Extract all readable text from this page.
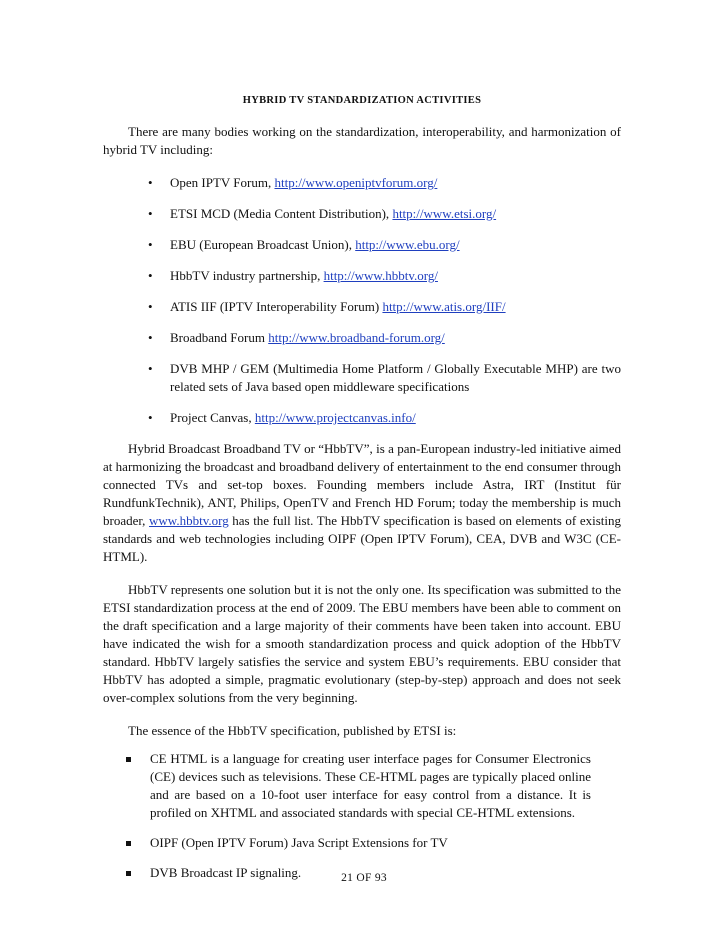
HYBRID TV STANDARDIZATION ACTIVITIES

There are many bodies working on the standardization, interoperability, and harmonization of hybrid TV including:

• Open IPTV Forum, http://www.openiptvforum.org/
• ETSI MCD (Media Content Distribution), http://www.etsi.org/
• EBU (European Broadcast Union), http://www.ebu.org/
• HbbTV industry partnership, http://www.hbbtv.org/
• ATIS IIF (IPTV Interoperability Forum) http://www.atis.org/IIF/
• Broadband Forum http://www.broadband-forum.org/
• DVB MHP / GEM (Multimedia Home Platform / Globally Executable MHP) are two related sets of Java based open middleware specifications
• Project Canvas, http://www.projectcanvas.info/

Hybrid Broadcast Broadband TV or “HbbTV”, is a pan-European industry-led initiative aimed at harmonizing the broadcast and broadband delivery of entertainment to the end consumer through connected TVs and set-top boxes. Founding members include Astra, IRT (Institut für RundfunkTechnik), ANT, Philips, OpenTV and French HD Forum; today the membership is much broader, www.hbbtv.org has the full list. The HbbTV specification is based on elements of existing standards and web technologies including OIPF (Open IPTV Forum), CEA, DVB and W3C (CE-HTML).

HbbTV represents one solution but it is not the only one. Its specification was submitted to the ETSI standardization process at the end of 2009. The EBU members have been able to comment on the draft specification and a large majority of their comments have been taken into account. EBU have indicated the wish for a smooth standardization process and quick adoption of the HbbTV standard. HbbTV largely satisfies the service and system EBU’s requirements. EBU consider that HbbTV has adopted a simple, pragmatic evolutionary (step-by-step) approach and does not seek over-complex solutions from the very beginning.

The essence of the HbbTV specification, published by ETSI is:

CE HTML is a language for creating user interface pages for Consumer Electronics (CE) devices such as televisions. These CE-HTML pages are typically placed online and are based on a 10-foot user interface for easy control from a distance. It is profiled on XHTML and associated standards with special CE-HTML extensions.
OIPF (Open IPTV Forum) Java Script Extensions for TV
DVB Broadcast IP signaling.	21 OF 93
